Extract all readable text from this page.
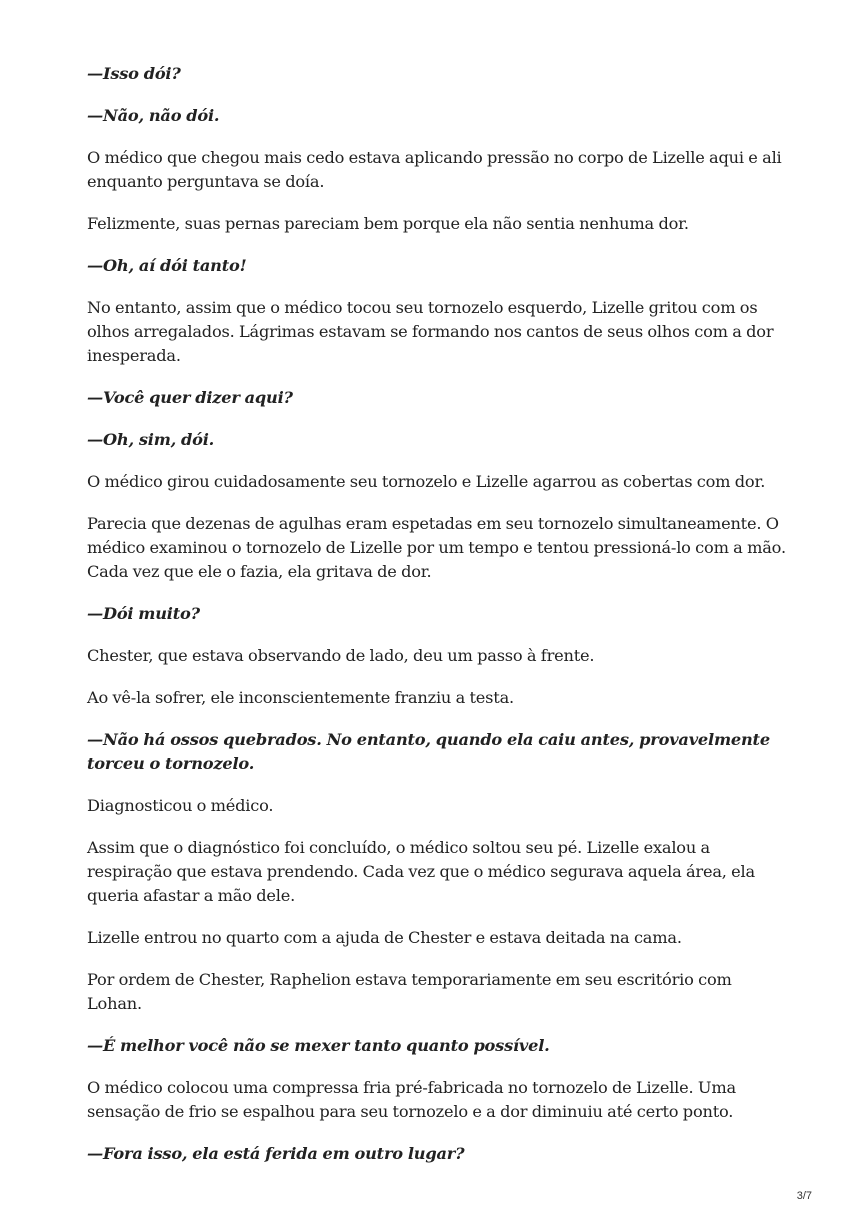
—Isso dói?

—Não, não dói.

O médico que chegou mais cedo estava aplicando pressão no corpo de Lizelle aqui e ali enquanto perguntava se doía.

Felizmente, suas pernas pareciam bem porque ela não sentia nenhuma dor.

—Oh, aí dói tanto!

No entanto, assim que o médico tocou seu tornozelo esquerdo, Lizelle gritou com os olhos arregalados. Lágrimas estavam se formando nos cantos de seus olhos com a dor inesperada.

—Você quer dizer aqui?

—Oh, sim, dói.

O médico girou cuidadosamente seu tornozelo e Lizelle agarrou as cobertas com dor.

Parecia que dezenas de agulhas eram espetadas em seu tornozelo simultaneamente. O médico examinou o tornozelo de Lizelle por um tempo e tentou pressioná-lo com a mão. Cada vez que ele o fazia, ela gritava de dor.

—Dói muito?

Chester, que estava observando de lado, deu um passo à frente.

Ao vê-la sofrer, ele inconscientemente franziu a testa.

—Não há ossos quebrados. No entanto, quando ela caiu antes, provavelmente torceu o tornozelo.

Diagnosticou o médico.

Assim que o diagnóstico foi concluído, o médico soltou seu pé. Lizelle exalou a respiração que estava prendendo. Cada vez que o médico segurava aquela área, ela queria afastar a mão dele.

Lizelle entrou no quarto com a ajuda de Chester e estava deitada na cama.

Por ordem de Chester, Raphelion estava temporariamente em seu escritório com Lohan.

—É melhor você não se mexer tanto quanto possível.

O médico colocou uma compressa fria pré-fabricada no tornozelo de Lizelle. Uma sensação de frio se espalhou para seu tornozelo e a dor diminuiu até certo ponto.

—Fora isso, ela está ferida em outro lugar?

3/7
